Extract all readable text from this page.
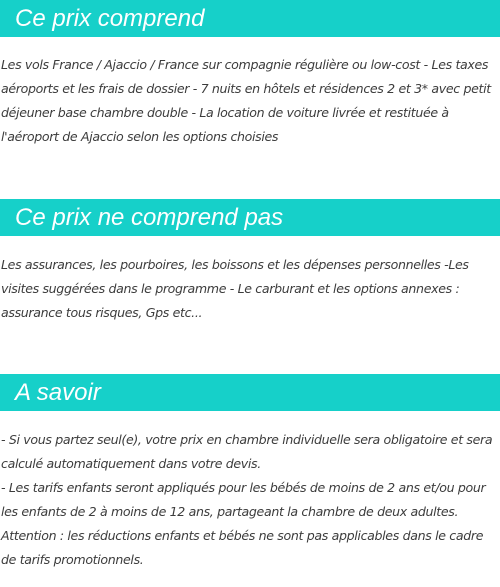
Ce prix comprend

Les vols France / Ajaccio / France sur compagnie régulière ou low-cost - Les taxes aéroports et les frais de dossier - 7 nuits en hôtels et résidences 2 et 3* avec petit déjeuner base chambre double - La location de voiture livrée et restituée à l'aéroport de Ajaccio selon les options choisies

Ce prix ne comprend pas

Les assurances, les pourboires, les boissons et les dépenses personnelles -Les visites suggérées dans le programme - Le carburant et les options annexes : assurance tous risques, Gps etc...

A savoir

- Si vous partez seul(e), votre prix en chambre individuelle sera obligatoire et sera calculé automatiquement dans votre devis.

- Les tarifs enfants seront appliqués pour les bébés de moins de 2 ans et/ou pour les enfants de 2 à moins de 12 ans, partageant la chambre de deux adultes. Attention : les réductions enfants et bébés ne sont pas applicables dans le cadre de tarifs promotionnels.
